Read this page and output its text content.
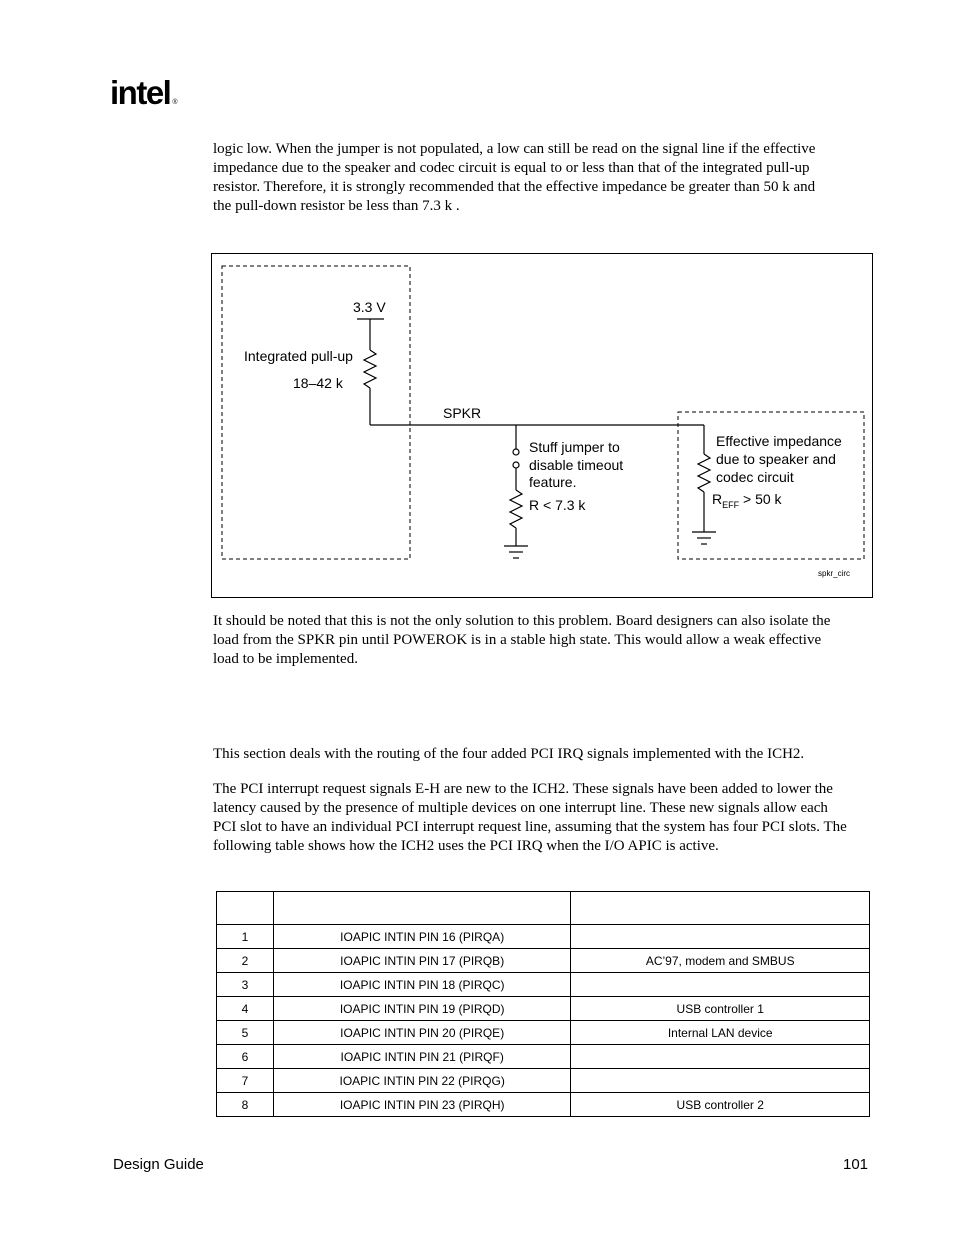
intel ®

logic low. When the jumper is not populated, a low can still be read on the signal line if the effective
impedance due to the speaker and codec circuit is equal to or less than that of the integrated pull-up
resistor. Therefore, it is strongly recommended that the effective impedance be greater than 50 k and
the pull-down resistor be less than 7.3 k .

3.3 V
Integrated pull-up
18–42 k
SPKR
Stuff jumper to
disable timeout
feature.
R < 7.3 k
Effective impedance
due to speaker and
codec circuit
$R_{EFF} > 50$ k
spkr_circ

It should be noted that this is not the only solution to this problem. Board designers can also isolate the
load from the SPKR pin until POWEROK is in a stable high state. This would allow a weak effective
load to be implemented.

This section deals with the routing of the four added PCI IRQ signals implemented with the ICH2.

The PCI interrupt request signals E-H are new to the ICH2. These signals have been added to lower the
latency caused by the presence of multiple devices on one interrupt line. These new signals allow each
PCI slot to have an individual PCI interrupt request line, assuming that the system has four PCI slots. The
following table shows how the ICH2 uses the PCI IRQ when the I/O APIC is active.

1	IOAPIC INTIN PIN 16 (PIRQA)	
2	IOAPIC INTIN PIN 17 (PIRQB)	AC’97, modem and SMBUS
3	IOAPIC INTIN PIN 18 (PIRQC)	
4	IOAPIC INTIN PIN 19 (PIRQD)	USB controller 1
5	IOAPIC INTIN PIN 20 (PIRQE)	Internal LAN device
6	IOAPIC INTIN PIN 21 (PIRQF)	
7	IOAPIC INTIN PIN 22 (PIRQG)	
8	IOAPIC INTIN PIN 23 (PIRQH)	USB controller 2
Design Guide	101
